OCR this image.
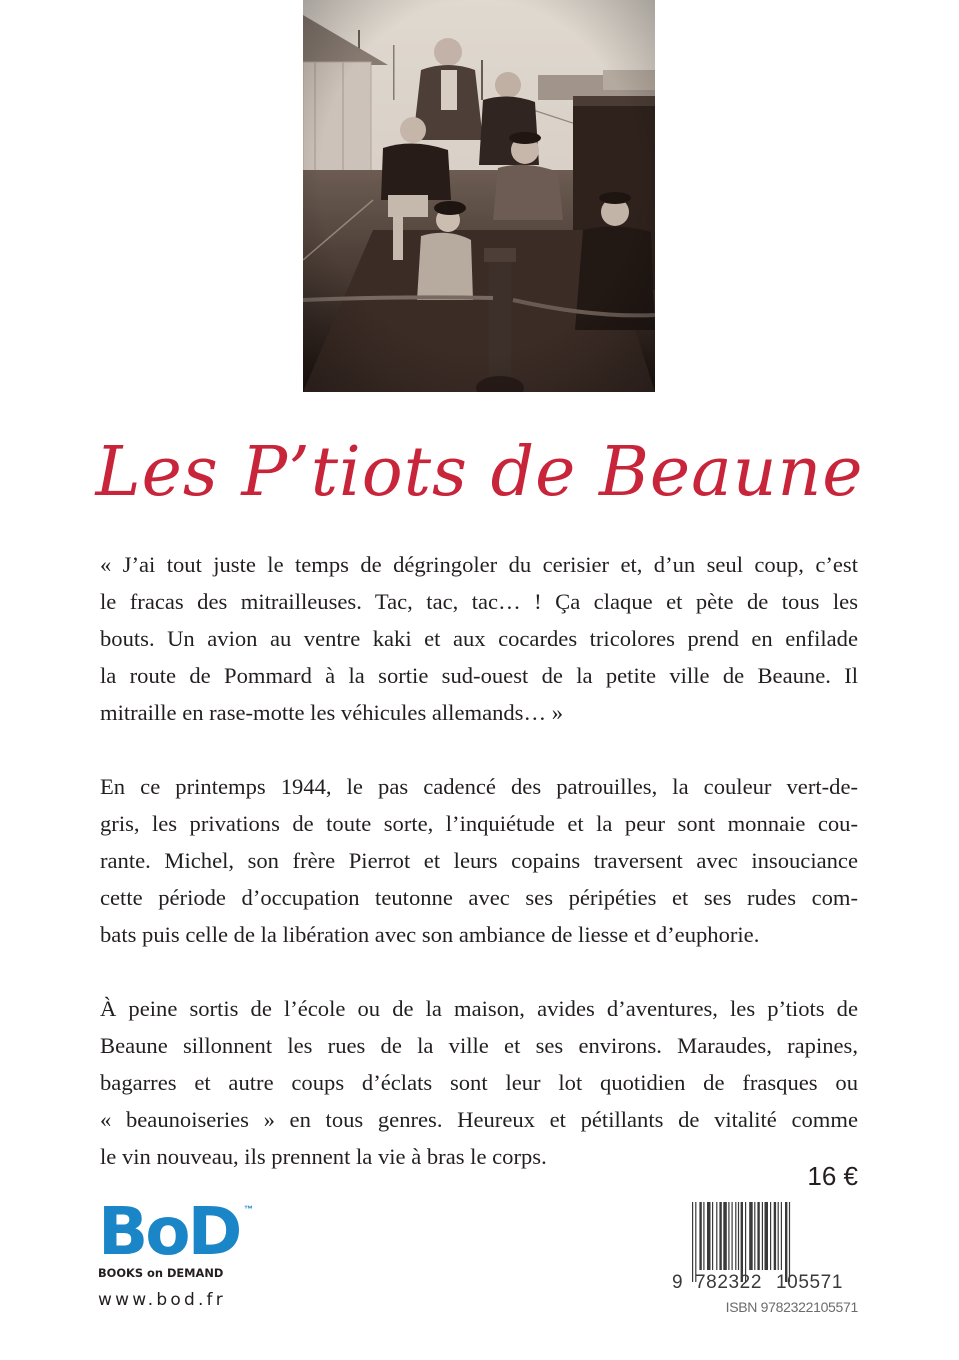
Les P’tiots de Beaune

« J’ai tout juste le temps de dégringoler du cerisier et, d’un seul coup, c’est
le fracas des mitrailleuses. Tac, tac, tac… ! Ça claque et pète de tous les
bouts. Un avion au ventre kaki et aux cocardes tricolores prend en enfilade
la route de Pommard à la sortie sud-ouest de la petite ville de Beaune. Il
mitraille en rase-motte les véhicules allemands… »

En ce printemps 1944, le pas cadencé des patrouilles, la couleur vert-de-
gris, les privations de toute sorte, l’inquiétude et la peur sont monnaie cou-
rante. Michel, son frère Pierrot et leurs copains traversent avec insouciance
cette période d’occupation teutonne avec ses péripéties et ses rudes com-
bats puis celle de la libération avec son ambiance de liesse et d’euphorie.

À peine sortis de l’école ou de la maison, avides d’aventures, les p’tiots de
Beaune sillonnent les rues de la ville et ses environs. Maraudes, rapines,
bagarres et autre coups d’éclats sont leur lot quotidien de frasques ou
« beaunoiseries » en tous genres. Heureux et pétillants de vitalité comme
le vin nouveau, ils prennent la vie à bras le corps.

BoD ™
BOOKS on DEMAND
www.bod.fr
16 €
9 782322 105571
ISBN 9782322105571
